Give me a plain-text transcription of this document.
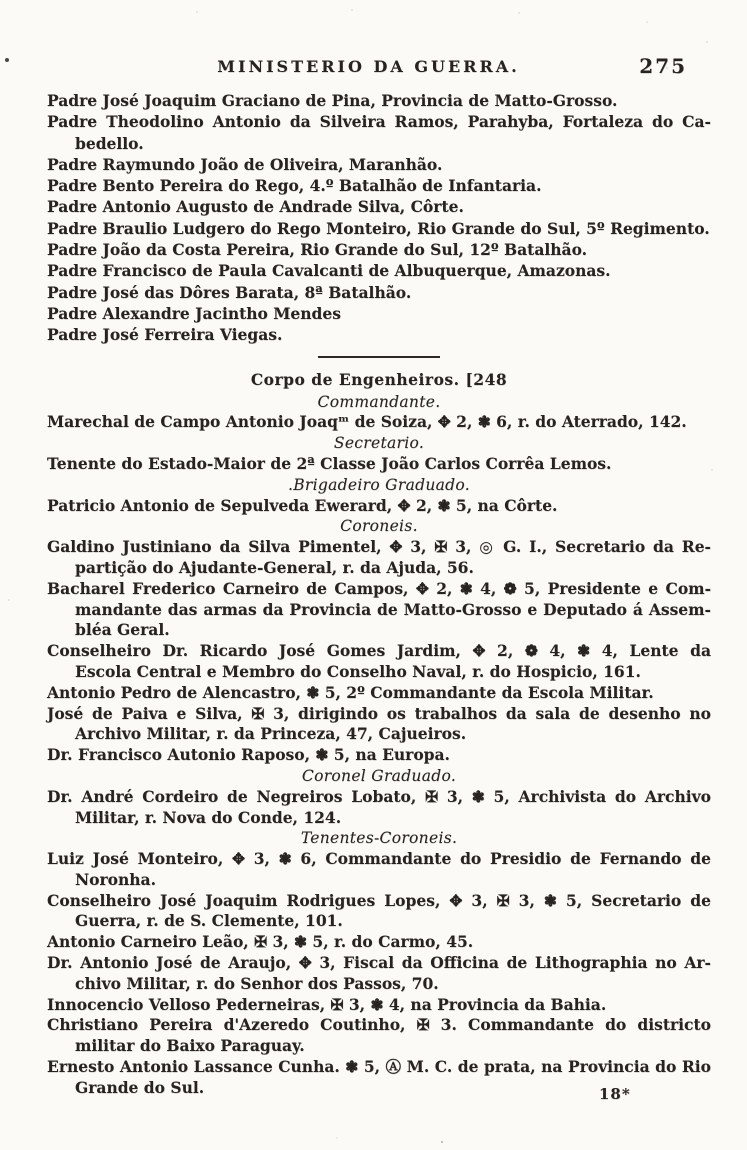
MINISTERIO DA GUERRA.	275
Padre José Joaquim Graciano de Pina, Provincia de Matto-Grosso.
Padre Theodolino Antonio da Silveira Ramos, Parahyba, Fortaleza do Ca-
bedello.
Padre Raymundo João de Oliveira, Maranhão.
Padre Bento Pereira do Rego, 4.º Batalhão de Infantaria.
Padre Antonio Augusto de Andrade Silva, Côrte.
Padre Braulio Ludgero do Rego Monteiro, Rio Grande do Sul, 5º Regimento.
Padre João da Costa Pereira, Rio Grande do Sul, 12º Batalhão.
Padre Francisco de Paula Cavalcanti de Albuquerque, Amazonas.
Padre José das Dôres Barata, 8ª Batalhão.
Padre Alexandre Jacintho Mendes
Padre José Ferreira Viegas.
Corpo de Engenheiros. [248
Commandante.
Marechal de Campo Antonio Joaqᵐ de Soiza, ✥ 2, ❃ 6, r. do Aterrado, 142.
Secretario.
Tenente do Estado-Maior de 2ª Classe João Carlos Corrêa Lemos.
.Brigadeiro Graduado.
Patricio Antonio de Sepulveda Ewerard, ✥ 2, ❃ 5, na Côrte.
Coroneis.
Galdino Justiniano da Silva Pimentel, ✥ 3, ✠ 3, ◎ G. I., Secretario da Re-
partição do Ajudante-General, r. da Ajuda, 56.
Bacharel Frederico Carneiro de Campos, ✥ 2, ❃ 4, ❁ 5, Presidente e Com-
mandante das armas da Provincia de Matto-Grosso e Deputado á Assem-
bléa Geral.
Conselheiro Dr. Ricardo José Gomes Jardim, ✥ 2, ❁ 4, ❃ 4, Lente da
Escola Central e Membro do Conselho Naval, r. do Hospicio, 161.
Antonio Pedro de Alencastro, ❃ 5, 2º Commandante da Escola Militar.
José de Paiva e Silva, ✠ 3, dirigindo os trabalhos da sala de desenho no
Archivo Militar, r. da Princeza, 47, Cajueiros.
Dr. Francisco Autonio Raposo, ❃ 5, na Europa.
Coronel Graduado.
Dr. André Cordeiro de Negreiros Lobato, ✠ 3, ❃ 5, Archivista do Archivo
Militar, r. Nova do Conde, 124.
Tenentes-Coroneis.
Luiz José Monteiro, ✥ 3, ❃ 6, Commandante do Presidio de Fernando de
Noronha.
Conselheiro José Joaquim Rodrigues Lopes, ✥ 3, ✠ 3, ❃ 5, Secretario de
Guerra, r. de S. Clemente, 101.
Antonio Carneiro Leão, ✠ 3, ❃ 5, r. do Carmo, 45.
Dr. Antonio José de Araujo, ✥ 3, Fiscal da Officina de Lithographia no Ar-
chivo Militar, r. do Senhor dos Passos, 70.
Innocencio Velloso Pederneiras, ✠ 3, ❃ 4, na Provincia da Bahia.
Christiano Pereira d'Azeredo Coutinho, ✠ 3. Commandante do districto
militar do Baixo Paraguay.
Ernesto Antonio Lassance Cunha. ❃ 5, Ⓐ M. C. de prata, na Provincia do Rio
Grande do Sul.	18*
